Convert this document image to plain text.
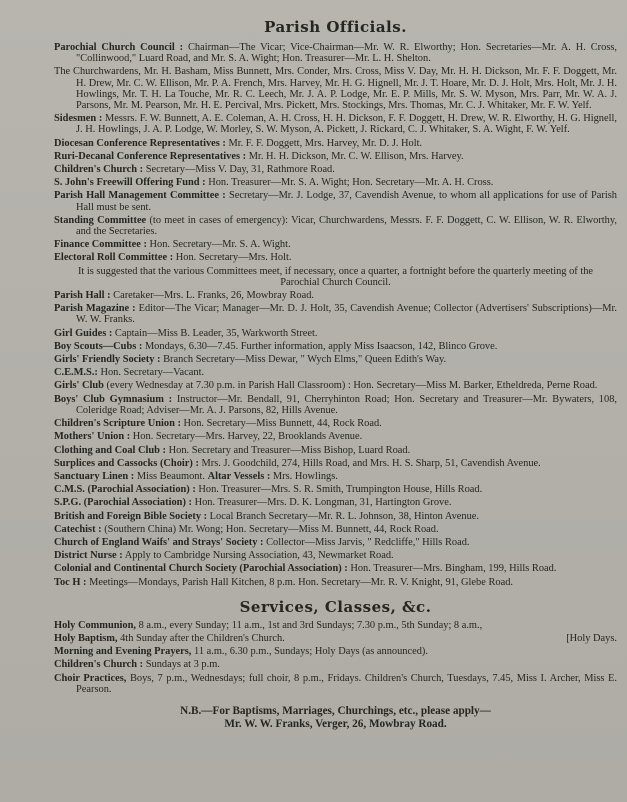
Parish Officials.

Parochial Church Council : Chairman—The Vicar; Vice-Chairman—Mr. W. R. Elworthy; Hon. Secretaries—Mr. A. H. Cross, "Collinwood," Luard Road, and Mr. S. A. Wight; Hon. Treasurer—Mr. L. H. Shelton.

The Churchwardens, Mr. H. Basham, Miss Bunnett, Mrs. Conder, Mrs. Cross, Miss V. Day, Mr. H. H. Dickson, Mr. F. F. Doggett, Mr. H. Drew, Mr. C. W. Ellison, Mr. P. A. French, Mrs. Harvey, Mr. H. G. Hignell, Mr. J. T. Hoare, Mr. D. J. Holt, Mrs. Holt, Mr. J. H. Howlings, Mr. T. H. La Touche, Mr. R. C. Leech, Mr. J. A. P. Lodge, Mr. E. P. Mills, Mr. S. W. Myson, Mrs. Parr, Mr. W. A. J. Parsons, Mr. M. Pearson, Mr. H. E. Percival, Mrs. Pickett, Mrs. Stockings, Mrs. Thomas, Mr. C. J. Whitaker, Mr. F. W. Yelf.

Sidesmen : Messrs. F. W. Bunnett, A. E. Coleman, A. H. Cross, H. H. Dickson, F. F. Doggett, H. Drew, W. R. Elworthy, H. G. Hignell, J. H. Howlings, J. A. P. Lodge, W. Morley, S. W. Myson, A. Pickett, J. Rickard, C. J. Whitaker, S. A. Wight, F. W. Yelf.

Diocesan Conference Representatives : Mr. F. F. Doggett, Mrs. Harvey, Mr. D. J. Holt.

Ruri-Decanal Conference Representatives : Mr. H. H. Dickson, Mr. C. W. Ellison, Mrs. Harvey.

Children's Church : Secretary—Miss V. Day, 31, Rathmore Road.

S. John's Freewill Offering Fund : Hon. Treasurer—Mr. S. A. Wight; Hon. Secretary—Mr. A. H. Cross.

Parish Hall Management Committee : Secretary—Mr. J. Lodge, 37, Cavendish Avenue, to whom all applications for use of Parish Hall must be sent.

Standing Committee (to meet in cases of emergency): Vicar, Churchwardens, Messrs. F. F. Doggett, C. W. Ellison, W. R. Elworthy, and the Secretaries.

Finance Committee : Hon. Secretary—Mr. S. A. Wight.

Electoral Roll Committee : Hon. Secretary—Mrs. Holt.

It is suggested that the various Committees meet, if necessary, once a quarter, a fortnight before the quarterly meeting of the Parochial Church Council.

Parish Hall : Caretaker—Mrs. L. Franks, 26, Mowbray Road.

Parish Magazine : Editor—The Vicar; Manager—Mr. D. J. Holt, 35, Cavendish Avenue; Collector (Advertisers' Subscriptions)—Mr. W. W. Franks.

Girl Guides : Captain—Miss B. Leader, 35, Warkworth Street.

Boy Scouts—Cubs : Mondays, 6.30—7.45. Further information, apply Miss Isaacson, 142, Blinco Grove.

Girls' Friendly Society : Branch Secretary—Miss Dewar, " Wych Elms," Queen Edith's Way.

C.E.M.S.: Hon. Secretary—Vacant.

Girls' Club (every Wednesday at 7.30 p.m. in Parish Hall Classroom) : Hon. Secretary—Miss M. Barker, Etheldreda, Perne Road.

Boys' Club Gymnasium : Instructor—Mr. Bendall, 91, Cherryhinton Road; Hon. Secretary and Treasurer—Mr. Bywaters, 108, Coleridge Road; Adviser—Mr. A. J. Parsons, 82, Hills Avenue.

Children's Scripture Union : Hon. Secretary—Miss Bunnett, 44, Rock Road.

Mothers' Union : Hon. Secretary—Mrs. Harvey, 22, Brooklands Avenue.

Clothing and Coal Club : Hon. Secretary and Treasurer—Miss Bishop, Luard Road.

Surplices and Cassocks (Choir) : Mrs. J. Goodchild, 274, Hills Road, and Mrs. H. S. Sharp, 51, Cavendish Avenue.

Sanctuary Linen : Miss Beaumont. Altar Vessels : Mrs. Howlings.

C.M.S. (Parochial Association) : Hon. Treasurer—Mrs. S. R. Smith, Trumpington House, Hills Road.

S.P.G. (Parochial Association) : Hon. Treasurer—Mrs. D. K. Longman, 31, Hartington Grove.

British and Foreign Bible Society : Local Branch Secretary—Mr. R. L. Johnson, 38, Hinton Avenue.

Catechist : (Southern China) Mr. Wong; Hon. Secretary—Miss M. Bunnett, 44, Rock Road.

Church of England Waifs' and Strays' Society : Collector—Miss Jarvis, " Redcliffe," Hills Road.

District Nurse : Apply to Cambridge Nursing Association, 43, Newmarket Road.

Colonial and Continental Church Society (Parochial Association) : Hon. Treasurer—Mrs. Bingham, 199, Hills Road.

Toc H : Meetings—Mondays, Parish Hall Kitchen, 8 p.m. Hon. Secretary—Mr. R. V. Knight, 91, Glebe Road.

Services, Classes, &c.

Holy Communion, 8 a.m., every Sunday; 11 a.m., 1st and 3rd Sundays; 7.30 p.m., 5th Sunday; 8 a.m.,

[Holy Days.
Holy Baptism, 4th Sunday after the Children's Church.

Morning and Evening Prayers, 11 a.m., 6.30 p.m., Sundays; Holy Days (as announced).

Children's Church : Sundays at 3 p.m.

Choir Practices, Boys, 7 p.m., Wednesdays; full choir, 8 p.m., Fridays. Children's Church, Tuesdays, 7.45, Miss I. Archer, Miss E. Pearson.

N.B.—For Baptisms, Marriages, Churchings, etc., please apply—
Mr. W. W. Franks, Verger, 26, Mowbray Road.
